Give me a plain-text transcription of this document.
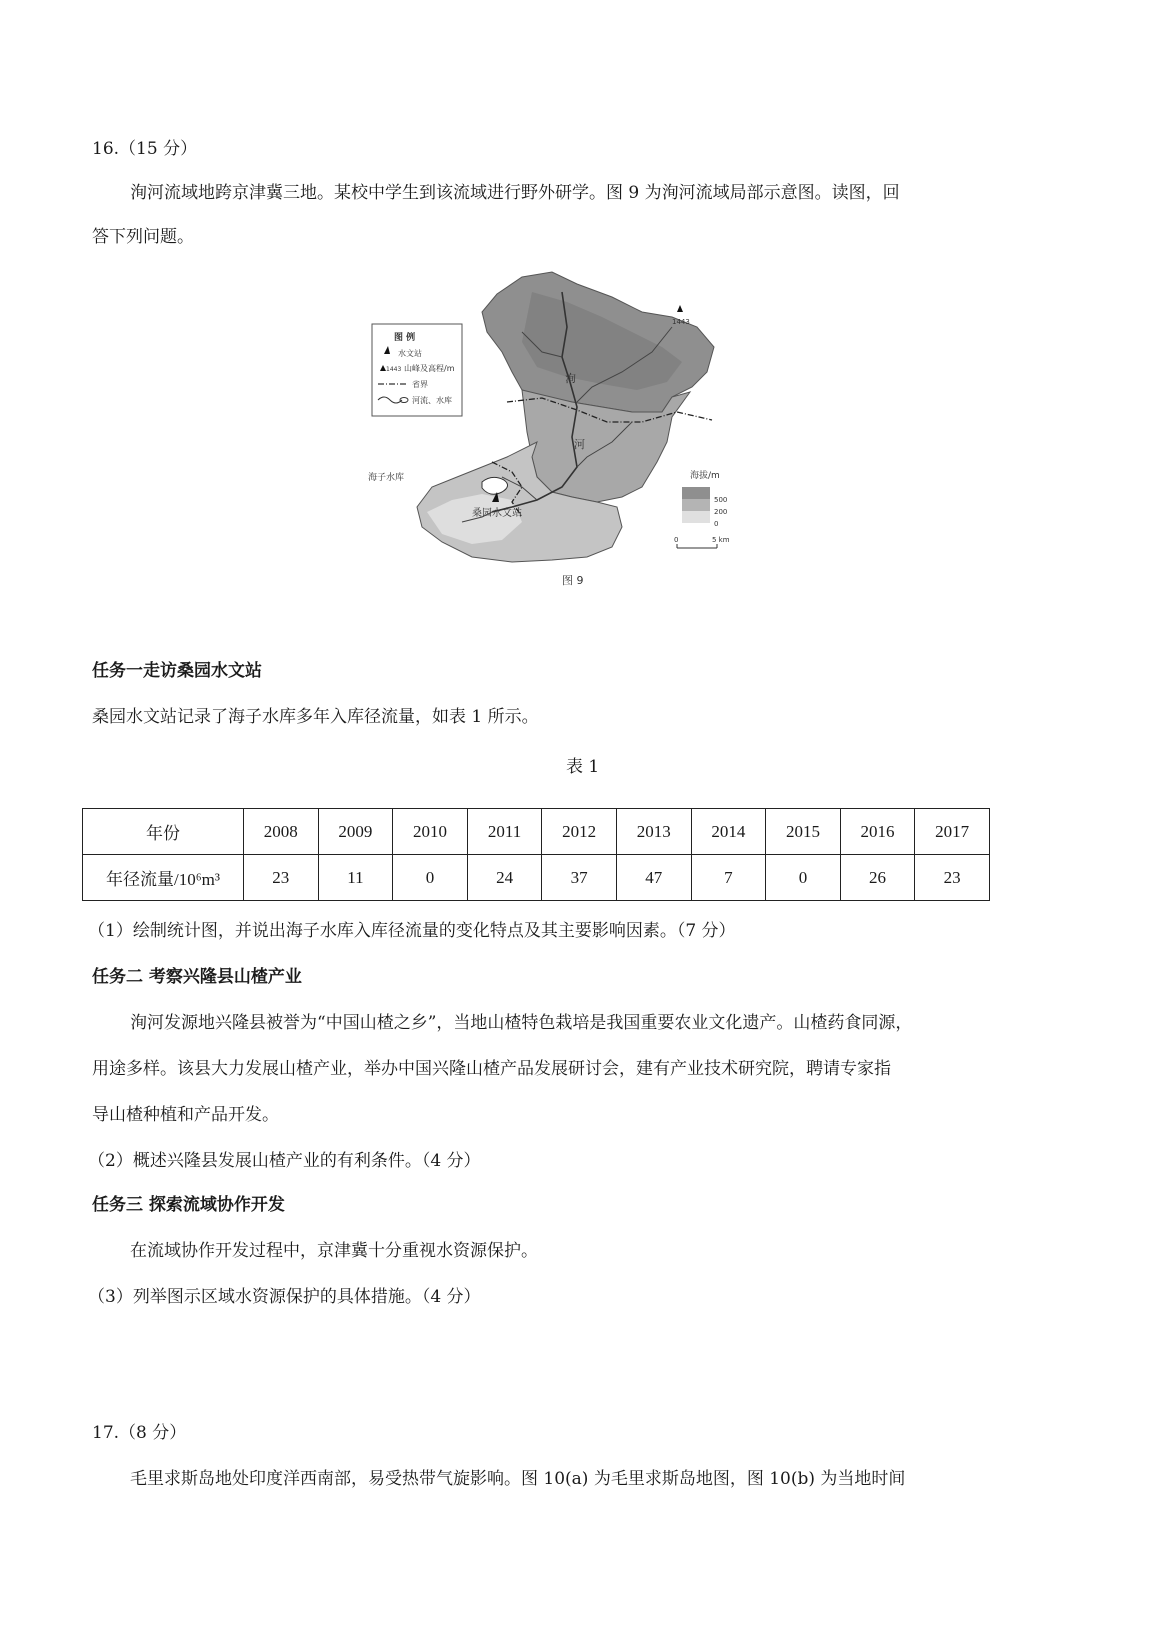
16.（15 分）
洵河流域地跨京津冀三地。某校中学生到该流域进行野外研学。图 9 为洵河流域局部示意图。读图，回
答下列问题。
图 例
水文站
1443 山峰及高程/m
省界
河流、水库
1443
洵
河
海子水库
桑园水文站
海拔/m
500
200
0
0	5 km
图 9
任务一走访桑园水文站
桑园水文站记录了海子水库多年入库径流量，如表 1 所示。
表 1
年份	2008	2009	2010	2011	2012	2013	2014	2015	2016	2017
年径流量/10⁶m³	23	11	0	24	37	47	7	0	26	23
（1）绘制统计图，并说出海子水库入库径流量的变化特点及其主要影响因素。（7 分）
任务二 考察兴隆县山楂产业
洵河发源地兴隆县被誉为“中国山楂之乡”，当地山楂特色栽培是我国重要农业文化遗产。山楂药食同源，
用途多样。该县大力发展山楂产业，举办中国兴隆山楂产品发展研讨会，建有产业技术研究院，聘请专家指
导山楂种植和产品开发。
（2）概述兴隆县发展山楂产业的有利条件。（4 分）
任务三 探索流域协作开发
在流域协作开发过程中，京津冀十分重视水资源保护。
（3）列举图示区域水资源保护的具体措施。（4 分）
17.（8 分）
毛里求斯岛地处印度洋西南部，易受热带气旋影响。图 10(a) 为毛里求斯岛地图，图 10(b) 为当地时间
